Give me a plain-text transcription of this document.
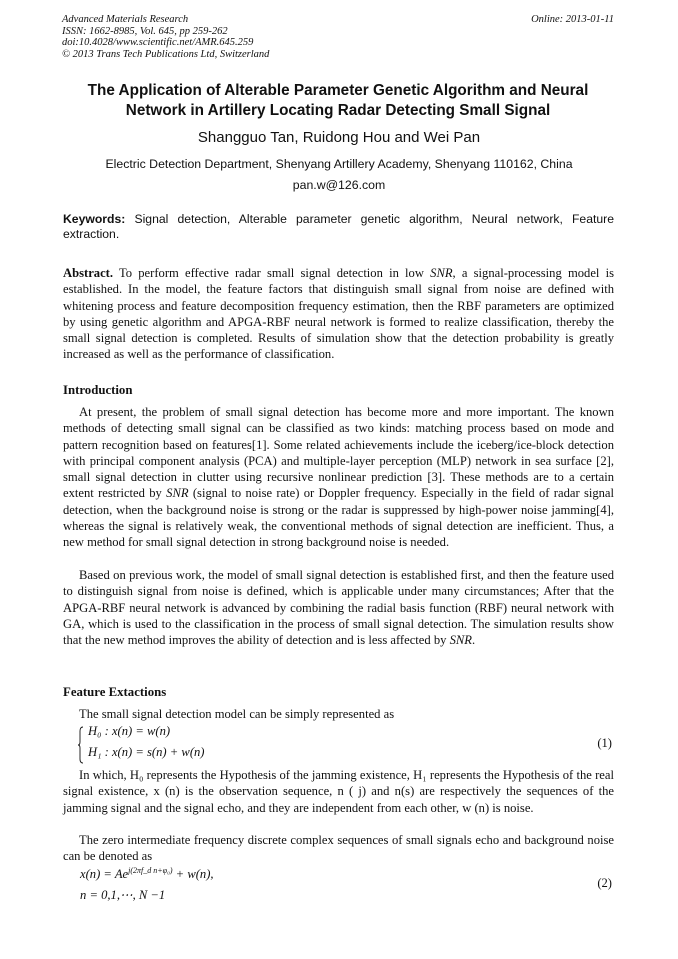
Advanced Materials Research
ISSN: 1662-8985, Vol. 645, pp 259-262
doi:10.4028/www.scientific.net/AMR.645.259
© 2013 Trans Tech Publications Ltd, Switzerland
Online: 2013-01-11
The Application of Alterable Parameter Genetic Algorithm and Neural Network in Artillery Locating Radar Detecting Small Signal
Shangguo Tan, Ruidong Hou and Wei Pan
Electric Detection Department, Shenyang Artillery Academy, Shenyang 110162, China
pan.w@126.com
Keywords: Signal detection, Alterable parameter genetic algorithm, Neural network, Feature extraction.
Abstract. To perform effective radar small signal detection in low SNR, a signal-processing model is established. In the model, the feature factors that distinguish small signal from noise are defined with whitening process and feature decomposition frequency estimation, then the RBF parameters are optimized by using genetic algorithm and APGA-RBF neural network is formed to realize classification, thereby the small signal detection is completed. Results of simulation show that the detection probability is greatly increased as well as the performance of classification.
Introduction
At present, the problem of small signal detection has become more and more important. The known methods of detecting small signal can be classified as two kinds: matching process based on mode and pattern recognition based on features[1]. Some related achievements include the iceberg/ice-block detection with principal component analysis (PCA) and multiple-layer perception (MLP) network in sea surface [2], small signal detection in clutter using recursive nonlinear prediction [3]. These methods are to a certain extent restricted by SNR (signal to noise rate) or Doppler frequency. Especially in the field of radar signal detection, when the background noise is strong or the radar is suppressed by high-power noise jamming[4], whereas the signal is relatively weak, the conventional methods of signal detection are inefficient. Thus, a new method for small signal detection in strong background noise is needed.
Based on previous work, the model of small signal detection is established first, and then the feature used to distinguish signal from noise is defined, which is applicable under many circumstances; After that the APGA-RBF neural network is advanced by combining the radial basis function (RBF) neural network with GA, which is used to the classification in the process of small signal detection. The simulation results show that the new method improves the ability of detection and is less affected by SNR.
Feature Extactions
The small signal detection model can be simply represented as
H₀ : x(n) = w(n)
H₁ : x(n) = s(n) + w(n)
(1)
In which, H₀ represents the Hypothesis of the jamming existence, H₁ represents the Hypothesis of the real signal existence, x (n) is the observation sequence, n ( j) and n(s) are respectively the sequences of the jamming signal and the signal echo, and they are independent from each other, w (n) is noise.
The zero intermediate frequency discrete complex sequences of small signals echo and background noise can be denoted as
$x(n) = Ae^{j(2\pi f\_d n+\varphi_0)} + w(n)$,
n = 0,1,⋯, N −1
(2)
